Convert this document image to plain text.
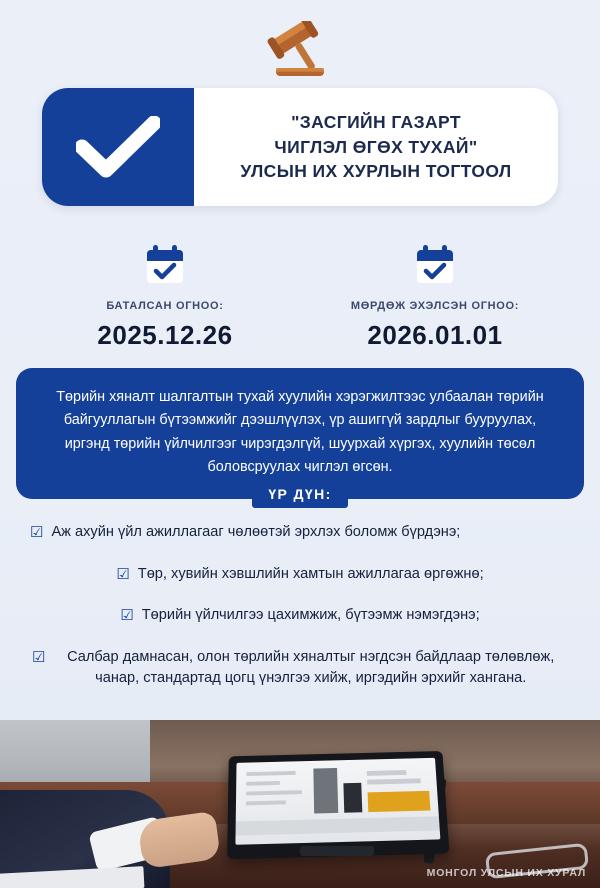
"ЗАСГИЙН ГАЗАРТ
ЧИГЛЭЛ ӨГӨХ ТУХАЙ"
УЛСЫН ИХ ХУРЛЫН ТОГТООЛ
БАТАЛСАН ОГНОО:
2025.12.26
МӨРДӨЖ ЭХЭЛСЭН ОГНОО:
2026.01.01

Төрийн хяналт шалгалтын тухай хуулийн хэрэгжилтээс улбаалан төрийн байгууллагын бүтээмжийг дээшлүүлэх, үр ашиггүй зардлыг бууруулах, иргэнд төрийн үйлчилгээг чирэгдэлгүй, шуурхай хүргэх, хуулийн төсөл боловсруулах чиглэл өгсөн.

ҮР ДҮН:
☑ Аж ахуйн үйл ажиллагааг чөлөөтэй эрхлэх боломж бүрдэнэ;
☑ Төр, хувийн хэвшлийн хамтын ажиллагаа өргөжнө;
☑ Төрийн үйлчилгээ цахимжиж, бүтээмж нэмэгдэнэ;
☑	Салбар дамнасан, олон төрлийн хяналтыг нэгдсэн байдлаар төлөвлөж, чанар, стандартад цогц үнэлгээ хийж, иргэдийн эрхийг хангана.
МОНГОЛ УЛСЫН ИХ ХУРАЛ
